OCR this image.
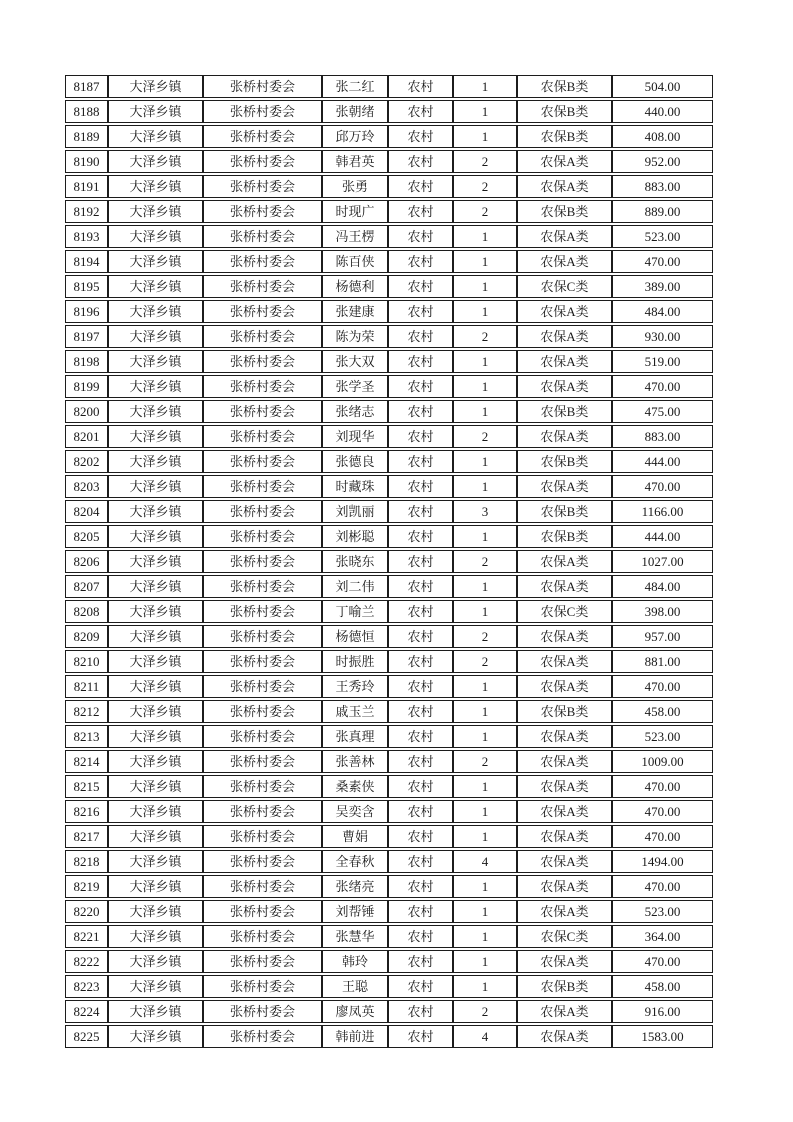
8187	大泽乡镇	张桥村委会	张二红	农村	1	农保B类	504.00
8188	大泽乡镇	张桥村委会	张朝绪	农村	1	农保B类	440.00
8189	大泽乡镇	张桥村委会	邱万玲	农村	1	农保B类	408.00
8190	大泽乡镇	张桥村委会	韩君英	农村	2	农保A类	952.00
8191	大泽乡镇	张桥村委会	张勇	农村	2	农保A类	883.00
8192	大泽乡镇	张桥村委会	时现广	农村	2	农保B类	889.00
8193	大泽乡镇	张桥村委会	冯王楞	农村	1	农保A类	523.00
8194	大泽乡镇	张桥村委会	陈百侠	农村	1	农保A类	470.00
8195	大泽乡镇	张桥村委会	杨德利	农村	1	农保C类	389.00
8196	大泽乡镇	张桥村委会	张建康	农村	1	农保A类	484.00
8197	大泽乡镇	张桥村委会	陈为荣	农村	2	农保A类	930.00
8198	大泽乡镇	张桥村委会	张大双	农村	1	农保A类	519.00
8199	大泽乡镇	张桥村委会	张学圣	农村	1	农保A类	470.00
8200	大泽乡镇	张桥村委会	张绪志	农村	1	农保B类	475.00
8201	大泽乡镇	张桥村委会	刘现华	农村	2	农保A类	883.00
8202	大泽乡镇	张桥村委会	张德良	农村	1	农保B类	444.00
8203	大泽乡镇	张桥村委会	时藏珠	农村	1	农保A类	470.00
8204	大泽乡镇	张桥村委会	刘凯丽	农村	3	农保B类	1166.00
8205	大泽乡镇	张桥村委会	刘彬聪	农村	1	农保B类	444.00
8206	大泽乡镇	张桥村委会	张晓东	农村	2	农保A类	1027.00
8207	大泽乡镇	张桥村委会	刘二伟	农村	1	农保A类	484.00
8208	大泽乡镇	张桥村委会	丁喻兰	农村	1	农保C类	398.00
8209	大泽乡镇	张桥村委会	杨德恒	农村	2	农保A类	957.00
8210	大泽乡镇	张桥村委会	时振胜	农村	2	农保A类	881.00
8211	大泽乡镇	张桥村委会	王秀玲	农村	1	农保A类	470.00
8212	大泽乡镇	张桥村委会	戚玉兰	农村	1	农保B类	458.00
8213	大泽乡镇	张桥村委会	张真理	农村	1	农保A类	523.00
8214	大泽乡镇	张桥村委会	张善林	农村	2	农保A类	1009.00
8215	大泽乡镇	张桥村委会	桑素侠	农村	1	农保A类	470.00
8216	大泽乡镇	张桥村委会	吴奕含	农村	1	农保A类	470.00
8217	大泽乡镇	张桥村委会	曹娟	农村	1	农保A类	470.00
8218	大泽乡镇	张桥村委会	全春秋	农村	4	农保A类	1494.00
8219	大泽乡镇	张桥村委会	张绪亮	农村	1	农保A类	470.00
8220	大泽乡镇	张桥村委会	刘帮锤	农村	1	农保A类	523.00
8221	大泽乡镇	张桥村委会	张慧华	农村	1	农保C类	364.00
8222	大泽乡镇	张桥村委会	韩玲	农村	1	农保A类	470.00
8223	大泽乡镇	张桥村委会	王聪	农村	1	农保B类	458.00
8224	大泽乡镇	张桥村委会	廖凤英	农村	2	农保A类	916.00
8225	大泽乡镇	张桥村委会	韩前进	农村	4	农保A类	1583.00
